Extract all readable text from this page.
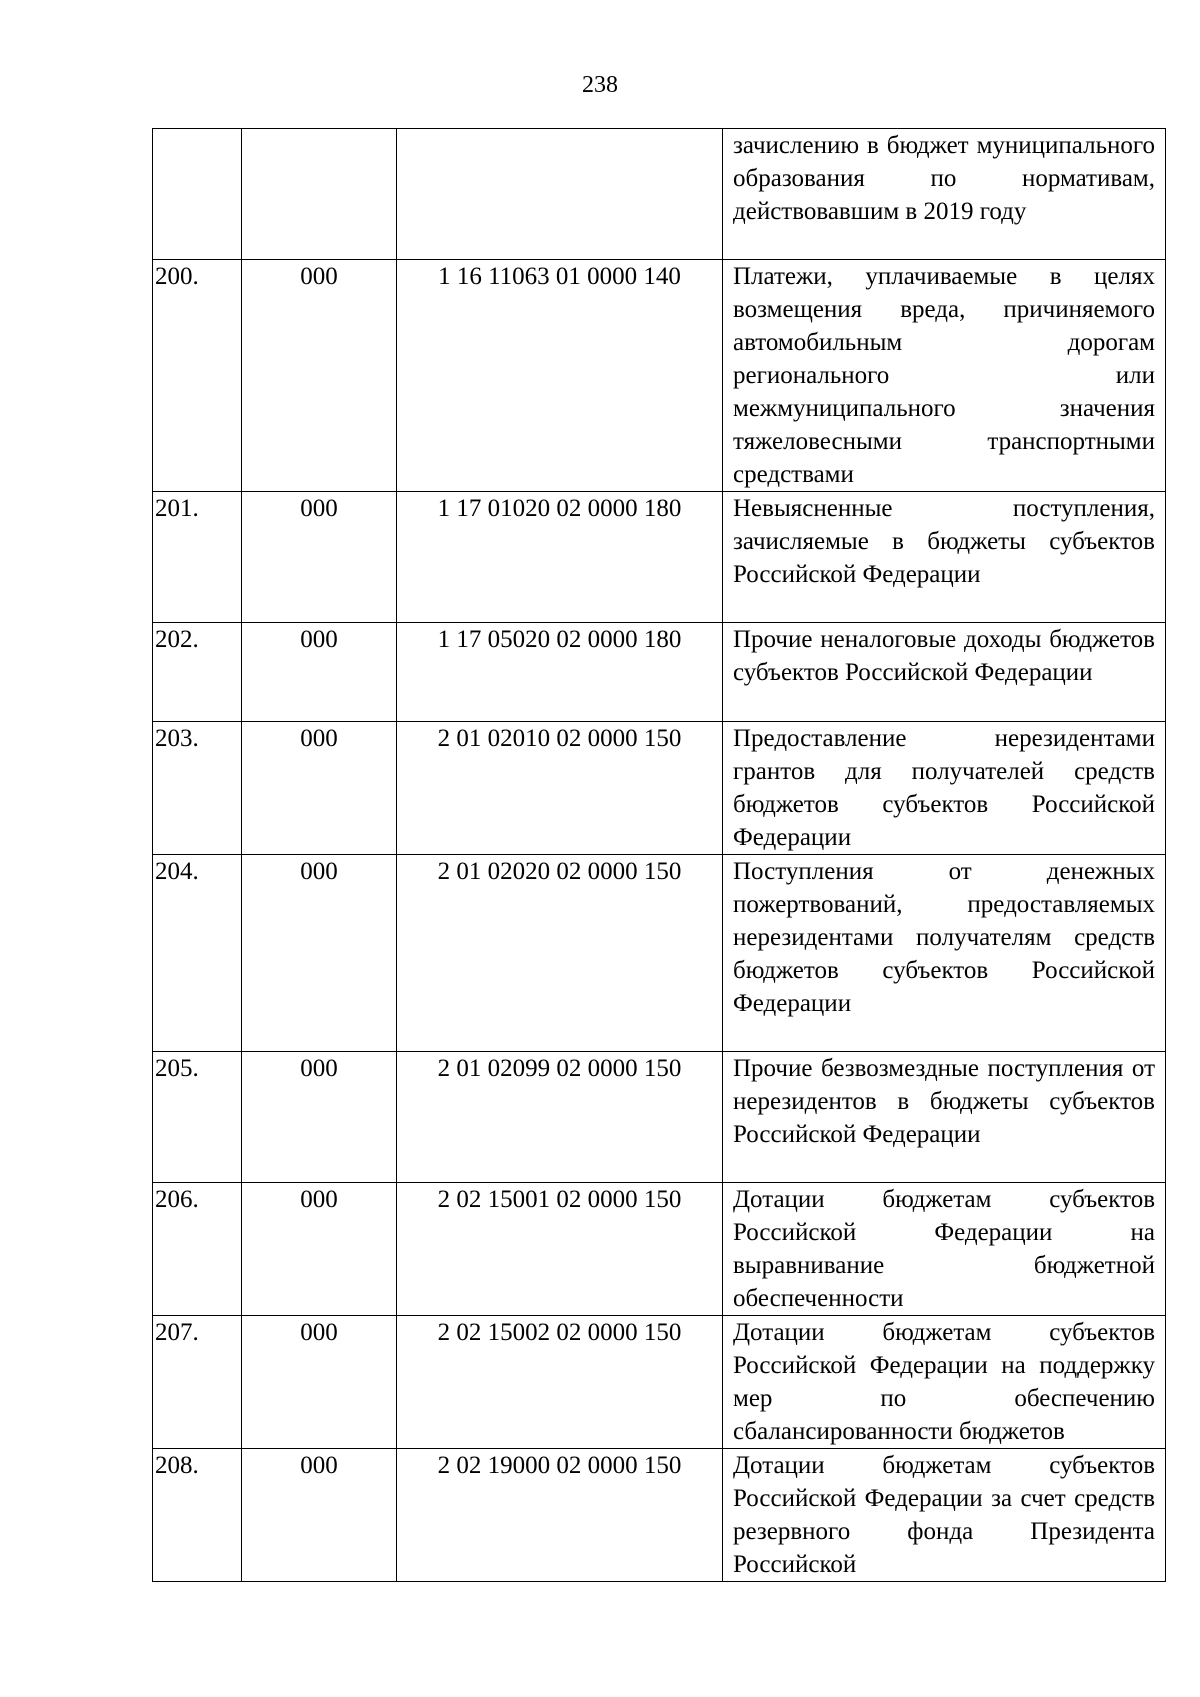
238
			зачислению в бюджет муниципального образования по нормативам, действовавшим в 2019 году
200.	000	1 16 11063 01 0000 140	Платежи, уплачиваемые в целях возмещения вреда, причиняемого автомобильным дорогам регионального или межмуниципального значения тяжеловесными транспортными средствами
201.	000	1 17 01020 02 0000 180	Невыясненные поступления, зачисляемые в бюджеты субъектов Российской Федерации
202.	000	1 17 05020 02 0000 180	Прочие неналоговые доходы бюджетов субъектов Российской Федерации
203.	000	2 01 02010 02 0000 150	Предоставление нерезидентами грантов для получателей средств бюджетов субъектов Российской Федерации
204.	000	2 01 02020 02 0000 150	Поступления от денежных пожертвований, предоставляемых нерезидентами получателям средств бюджетов субъектов Российской Федерации
205.	000	2 01 02099 02 0000 150	Прочие безвозмездные поступления от нерезидентов в бюджеты субъектов Российской Федерации
206.	000	2 02 15001 02 0000 150	Дотации бюджетам субъектов Российской Федерации на выравнивание бюджетной обеспеченности
207.	000	2 02 15002 02 0000 150	Дотации бюджетам субъектов Российской Федерации на поддержку мер по обеспечению сбалансированности бюджетов
208.	000	2 02 19000 02 0000 150	Дотации бюджетам субъектов Российской Федерации за счет средств резервного фонда Президента Российской
